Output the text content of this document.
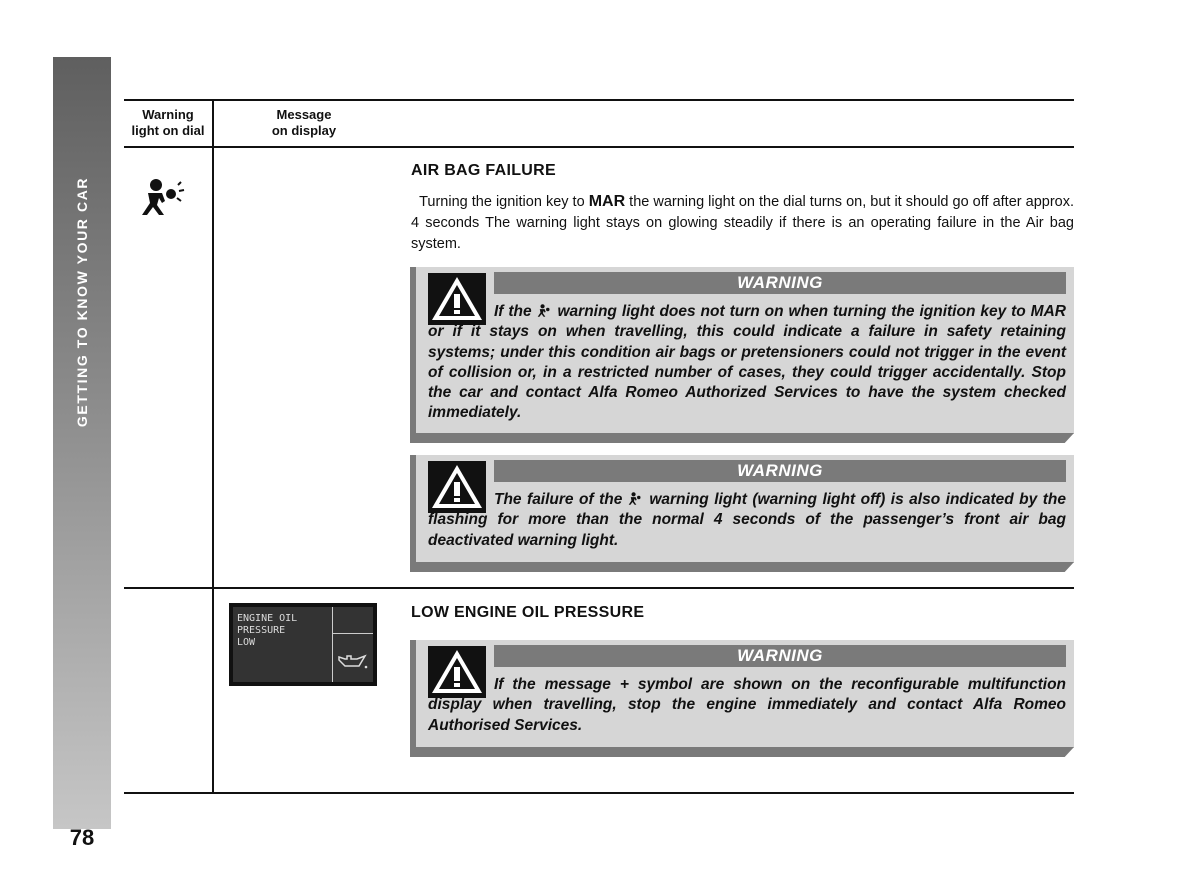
GETTING TO KNOW YOUR CAR
78
Warning
light on dial
Message
on display
AIR BAG FAILURE
Turning the ignition key to MAR the warning light on the dial turns on, but it should go off after approx. 4 seconds The warning light stays on glowing steadily if there is an operating failure in the Air bag system.
WARNING
If the  warning light does not turn on when turning the ignition key to MAR or if it stays on when travelling, this could indicate a failure in safety retaining systems; under this condition air bags or pretensioners could not trigger in the event of collision or, in a restricted number of cases, they could trigger accidentally. Stop the car and contact Alfa Romeo Authorized Services to have the system checked immediately.
WARNING
The failure of the  warning light (warning light off) is also indicated by the flashing for more than the normal 4 seconds of the passenger’s front air bag deactivated warning light.
ENGINE OIL
PRESSURE
LOW
LOW ENGINE OIL PRESSURE
WARNING
If the message + symbol are shown on the reconfigurable multifunction display when travelling, stop the engine immediately and contact Alfa Romeo Authorised Services.
